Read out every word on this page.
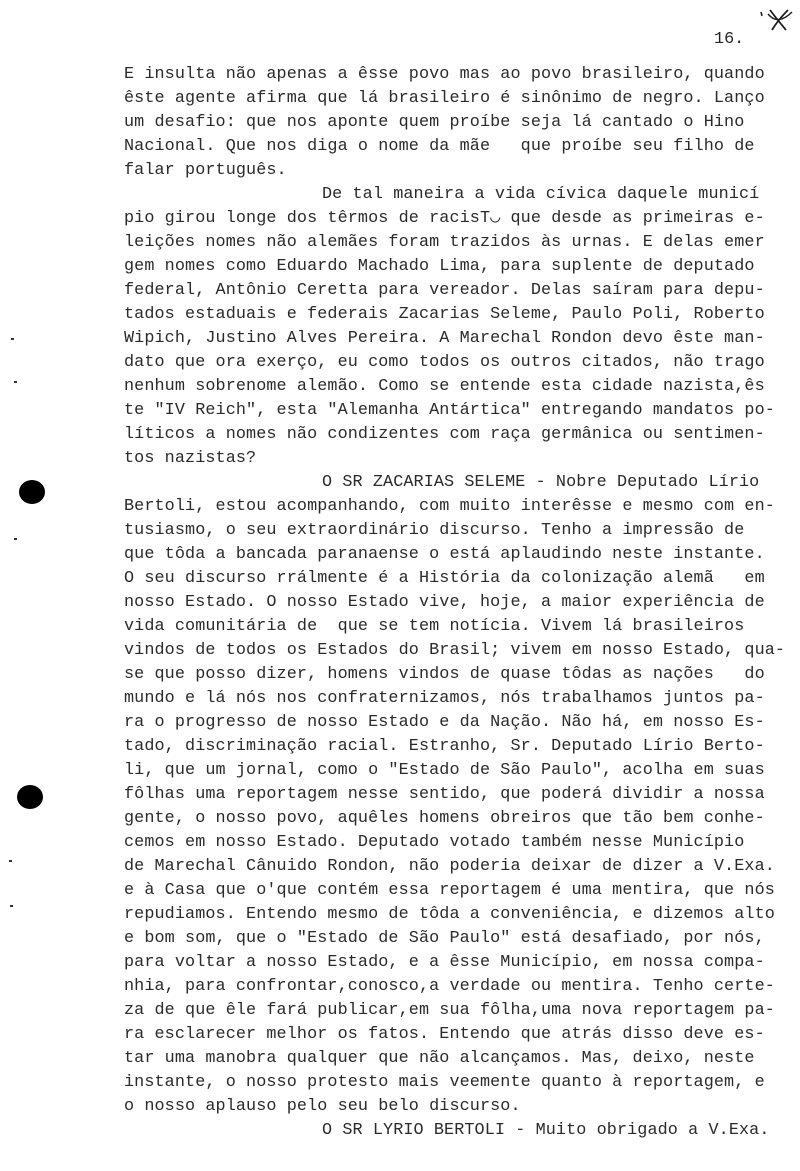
16.
E insulta não apenas a êsse povo mas ao povo brasileiro, quando
êste agente afirma que lá brasileiro é sinônimo de negro. Lanço
um desafio: que nos aponte quem proíbe seja lá cantado o Hino
Nacional. Que nos diga o nome da mãe   que proíbe seu filho de
falar português.
De tal maneira a vida cívica daquele municí
pio girou longe dos têrmos de racisT◡ que desde as primeiras e-
leições nomes não alemães foram trazidos às urnas. E delas emer
gem nomes como Eduardo Machado Lima, para suplente de deputado
federal, Antônio Ceretta para vereador. Delas saíram para depu-
tados estaduais e federais Zacarias Seleme, Paulo Poli, Roberto
Wipich, Justino Alves Pereira. A Marechal Rondon devo êste man-
dato que ora exerço, eu como todos os outros citados, não trago
nenhum sobrenome alemão. Como se entende esta cidade nazista,ês
te "IV Reich", esta "Alemanha Antártica" entregando mandatos po-
líticos a nomes não condizentes com raça germânica ou sentimen-
tos nazistas?
O SR ZACARIAS SELEME - Nobre Deputado Lírio
Bertoli, estou acompanhando, com muito interêsse e mesmo com en-
tusiasmo, o seu extraordinário discurso. Tenho a impressão de
que tôda a bancada paranaense o está aplaudindo neste instante.
O seu discurso rrálmente é a História da colonização alemã   em
nosso Estado. O nosso Estado vive, hoje, a maior experiência de
vida comunitária de  que se tem notícia. Vivem lá brasileiros
vindos de todos os Estados do Brasil; vivem em nosso Estado, qua-
se que posso dizer, homens vindos de quase tôdas as nações   do
mundo e lá nós nos confraternizamos, nós trabalhamos juntos pa-
ra o progresso de nosso Estado e da Nação. Não há, em nosso Es-
tado, discriminação racial. Estranho, Sr. Deputado Lírio Berto-
li, que um jornal, como o "Estado de São Paulo", acolha em suas
fôlhas uma reportagem nesse sentido, que poderá dividir a nossa
gente, o nosso povo, aquêles homens obreiros que tão bem conhe-
cemos em nosso Estado. Deputado votado também nesse Município
de Marechal Cânuido Rondon, não poderia deixar de dizer a V.Exa.
e à Casa que o'que contém essa reportagem é uma mentira, que nós
repudiamos. Entendo mesmo de tôda a conveniência, e dizemos alto
e bom som, que o "Estado de São Paulo" está desafiado, por nós,
para voltar a nosso Estado, e a êsse Município, em nossa compa-
nhia, para confrontar,conosco,a verdade ou mentira. Tenho certe-
za de que êle fará publicar,em sua fôlha,uma nova reportagem pa-
ra esclarecer melhor os fatos. Entendo que atrás disso deve es-
tar uma manobra qualquer que não alcançamos. Mas, deixo, neste
instante, o nosso protesto mais veemente quanto à reportagem, e
o nosso aplauso pelo seu belo discurso.
O SR LYRIO BERTOLI - Muito obrigado a V.Exa.
